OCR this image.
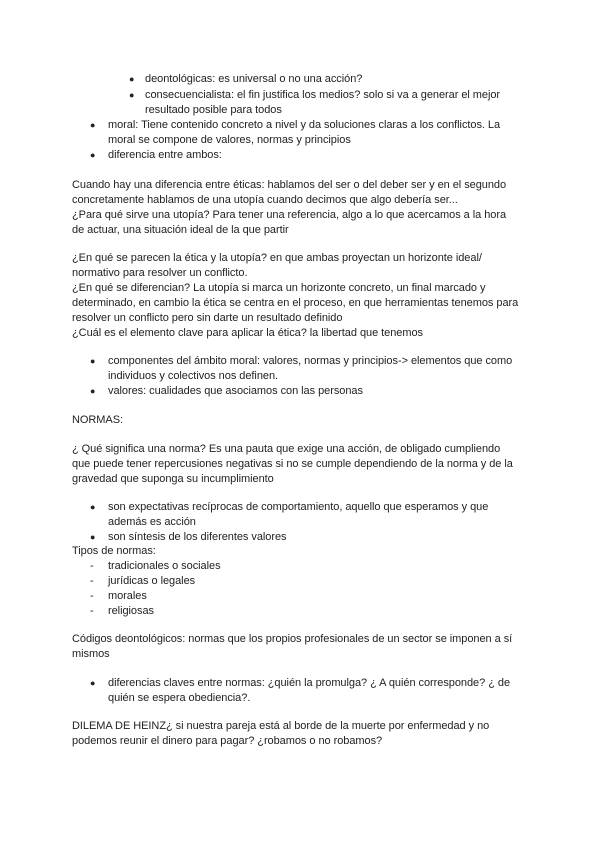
● deontológicas: es universal o no una acción?
● consecuencialista: el fin justifica los medios? solo si va a generar el mejor
resultado posible para todos
● moral: Tiene contenido concreto a nivel y da soluciones claras a los conflictos. La
moral se compone de valores, normas y principios
● diferencia entre ambos:
Cuando hay una diferencia entre éticas: hablamos del ser o del deber ser y en el segundo
concretamente hablamos de una utopía cuando decimos que algo debería ser...
¿Para qué sirve una utopía? Para tener una referencia, algo a lo que acercamos a la hora
de actuar, una situación ideal de la que partir
¿En qué se parecen la ética y la utopía? en que ambas proyectan un horizonte ideal/
normativo para resolver un conflicto.
¿En qué se diferencian? La utopía si marca un horizonte concreto, un final marcado y
determinado, en cambio la ética se centra en el proceso, en que herramientas tenemos para
resolver un conflicto pero sin darte un resultado definido
¿Cuál es el elemento clave para aplicar la ética? la libertad que tenemos
● componentes del ámbito moral: valores, normas y principios-> elementos que como
individuos y colectivos nos definen.
● valores: cualidades que asociamos con las personas
NORMAS:
¿ Qué significa una norma? Es una pauta que exige una acción, de obligado cumpliendo
que puede tener repercusiones negativas si no se cumple dependiendo de la norma y de la
gravedad que suponga su incumplimiento
● son expectativas recíprocas de comportamiento, aquello que esperamos y que
además es acción
● son síntesis de los diferentes valores
Tipos de normas:
- tradicionales o sociales
- jurídicas o legales
- morales
- religiosas
Códigos deontológicos: normas que los propios profesionales de un sector se imponen a sí
mismos
● diferencias claves entre normas: ¿quién la promulga? ¿ A quién corresponde? ¿ de
quién se espera obediencia?.
DILEMA DE HEINZ¿ si nuestra pareja está al borde de la muerte por enfermedad y no
podemos reunir el dinero para pagar? ¿robamos o no robamos?
